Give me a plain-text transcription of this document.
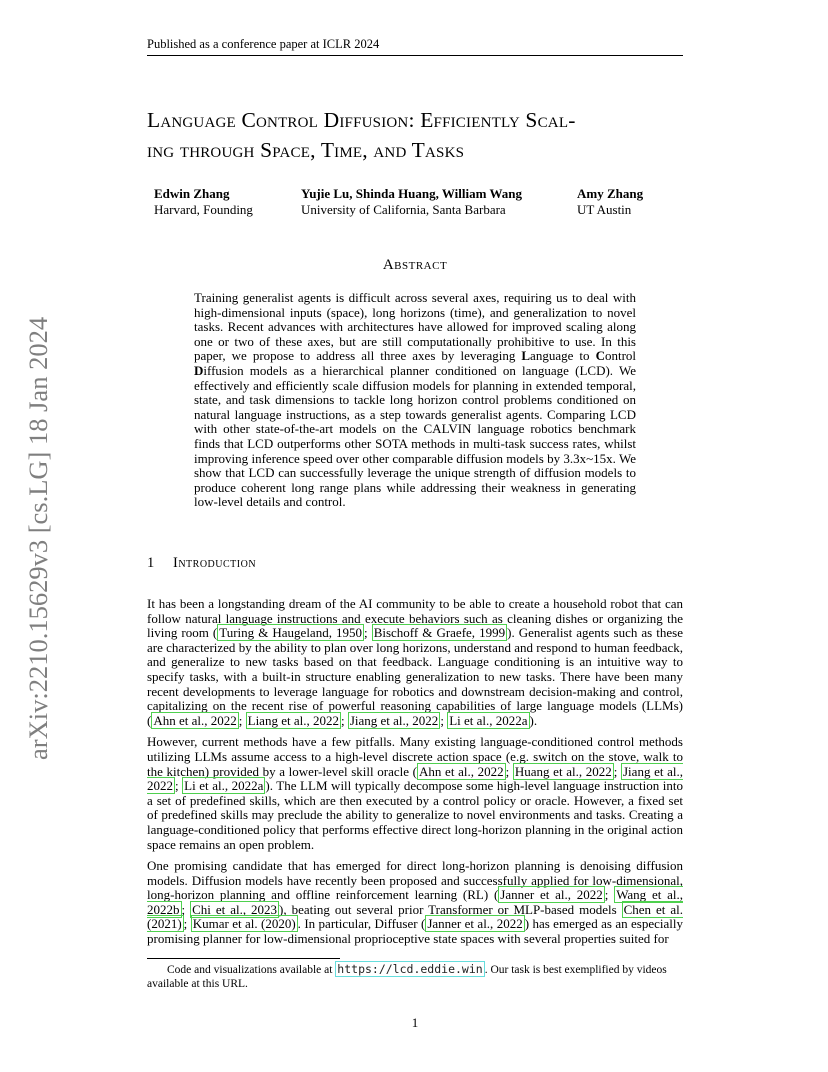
Published as a conference paper at ICLR 2024
arXiv:2210.15629v3 [cs.LG] 18 Jan 2024
Language Control Diffusion: Efficiently Scal-
ing through Space, Time, and Tasks
Edwin Zhang
Harvard, Founding
Yujie Lu, Shinda Huang, William Wang
University of California, Santa Barbara
Amy Zhang
UT Austin
Abstract
Training generalist agents is difficult across several axes, requiring us to deal with high-dimensional inputs (space), long horizons (time), and generalization to novel tasks. Recent advances with architectures have allowed for improved scaling along one or two of these axes, but are still computationally prohibitive to use. In this paper, we propose to address all three axes by leveraging Language to Control Diffusion models as a hierarchical planner conditioned on language (LCD). We effectively and efficiently scale diffusion models for planning in extended temporal, state, and task dimensions to tackle long horizon control problems conditioned on natural language instructions, as a step towards generalist agents. Comparing LCD with other state-of-the-art models on the CALVIN language robotics benchmark finds that LCD outperforms other SOTA methods in multi-task success rates, whilst improving inference speed over other comparable diffusion models by 3.3x~15x. We show that LCD can successfully leverage the unique strength of diffusion models to produce coherent long range plans while addressing their weakness in generating low-level details and control.
1 Introduction

It has been a longstanding dream of the AI community to be able to create a household robot that can follow natural language instructions and execute behaviors such as cleaning dishes or organizing the living room ( Turing & Haugeland, 1950 ; Bischoff & Graefe, 1999 ). Generalist agents such as these are characterized by the ability to plan over long horizons, understand and respond to human feedback, and generalize to new tasks based on that feedback. Language conditioning is an intuitive way to specify tasks, with a built-in structure enabling generalization to new tasks. There have been many recent developments to leverage language for robotics and downstream decision-making and control, capitalizing on the recent rise of powerful reasoning capabilities of large language models (LLMs) ( Ahn et al., 2022 ; Liang et al., 2022 ; Jiang et al., 2022 ; Li et al., 2022a ).

However, current methods have a few pitfalls. Many existing language-conditioned control methods utilizing LLMs assume access to a high-level discrete action space (e.g. switch on the stove, walk to the kitchen) provided by a lower-level skill oracle ( Ahn et al., 2022 ; Huang et al., 2022 ; Jiang et al., 2022 ; Li et al., 2022a ). The LLM will typically decompose some high-level language instruction into a set of predefined skills, which are then executed by a control policy or oracle. However, a fixed set of predefined skills may preclude the ability to generalize to novel environments and tasks. Creating a language-conditioned policy that performs effective direct long-horizon planning in the original action space remains an open problem.

One promising candidate that has emerged for direct long-horizon planning is denoising diffusion models. Diffusion models have recently been proposed and successfully applied for low-dimensional, long-horizon planning and offline reinforcement learning (RL) ( Janner et al., 2022 ; Wang et al., 2022b ; Chi et al., 2023 ), beating out several prior Transformer or MLP-based models Chen et al. (2021) ; Kumar et al. (2020) . In particular, Diffuser ( Janner et al., 2022 ) has emerged as an especially promising planner for low-dimensional proprioceptive state spaces with several properties suited for

Code and visualizations available at https://lcd.eddie.win . Our task is best exemplified by videos available at this URL.
1
